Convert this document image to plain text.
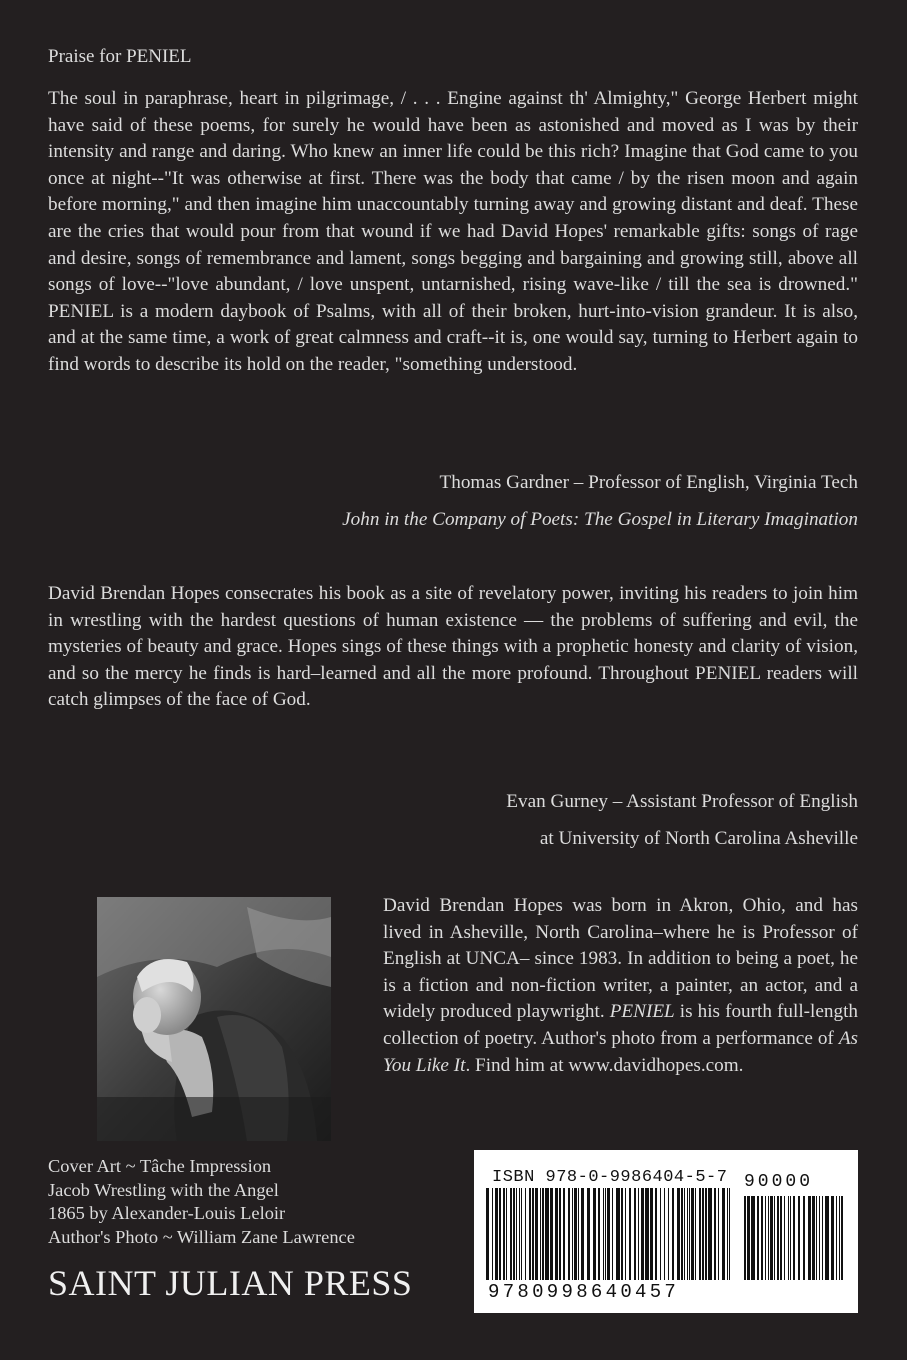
Praise for PENIEL
The soul in paraphrase, heart in pilgrimage, / . . . Engine against th' Almighty," George Herbert might have said of these poems, for surely he would have been as astonished and moved as I was by their intensity and range and daring. Who knew an inner life could be this rich? Imagine that God came to you once at night--"It was otherwise at first. There was the body that came / by the risen moon and again before morning," and then imagine him unaccountably turning away and growing distant and deaf. These are the cries that would pour from that wound if we had David Hopes' remarkable gifts: songs of rage and desire, songs of remembrance and lament, songs begging and bargaining and growing still, above all songs of love--"love abundant, / love unspent, untarnished, rising wave-like / till the sea is drowned." PENIEL is a modern daybook of Psalms, with all of their broken, hurt-into-vision grandeur. It is also, and at the same time, a work of great calmness and craft--it is, one would say, turning to Herbert again to find words to describe its hold on the reader, "something understood.
Thomas Gardner – Professor of English, Virginia Tech
John in the Company of Poets: The Gospel in Literary Imagination
David Brendan Hopes consecrates his book as a site of revelatory power, inviting his readers to join him in wrestling with the hardest questions of human existence — the problems of suffering and evil, the mysteries of beauty and grace. Hopes sings of these things with a prophetic honesty and clarity of vision, and so the mercy he finds is hard–learned and all the more profound. Throughout PENIEL readers will catch glimpses of the face of God.
Evan Gurney – Assistant Professor of English
at University of North Carolina Asheville
David Brendan Hopes was born in Akron, Ohio, and has lived in Asheville, North Carolina–where he is Professor of English at UNCA– since 1983. In addition to being a poet, he is a fiction and non-fiction writer, a painter, an actor, and a widely produced playwright. PENIEL is his fourth full-length collection of poetry. Author's photo from a performance of As You Like It. Find him at www.davidhopes.com.
Cover Art ~ Tâche Impression
Jacob Wrestling with the Angel
1865 by Alexander-Louis Leloir
Author's Photo ~ William Zane Lawrence
SAINT JULIAN PRESS
ISBN 978-0-9986404-5-7 90000
9780998640457
